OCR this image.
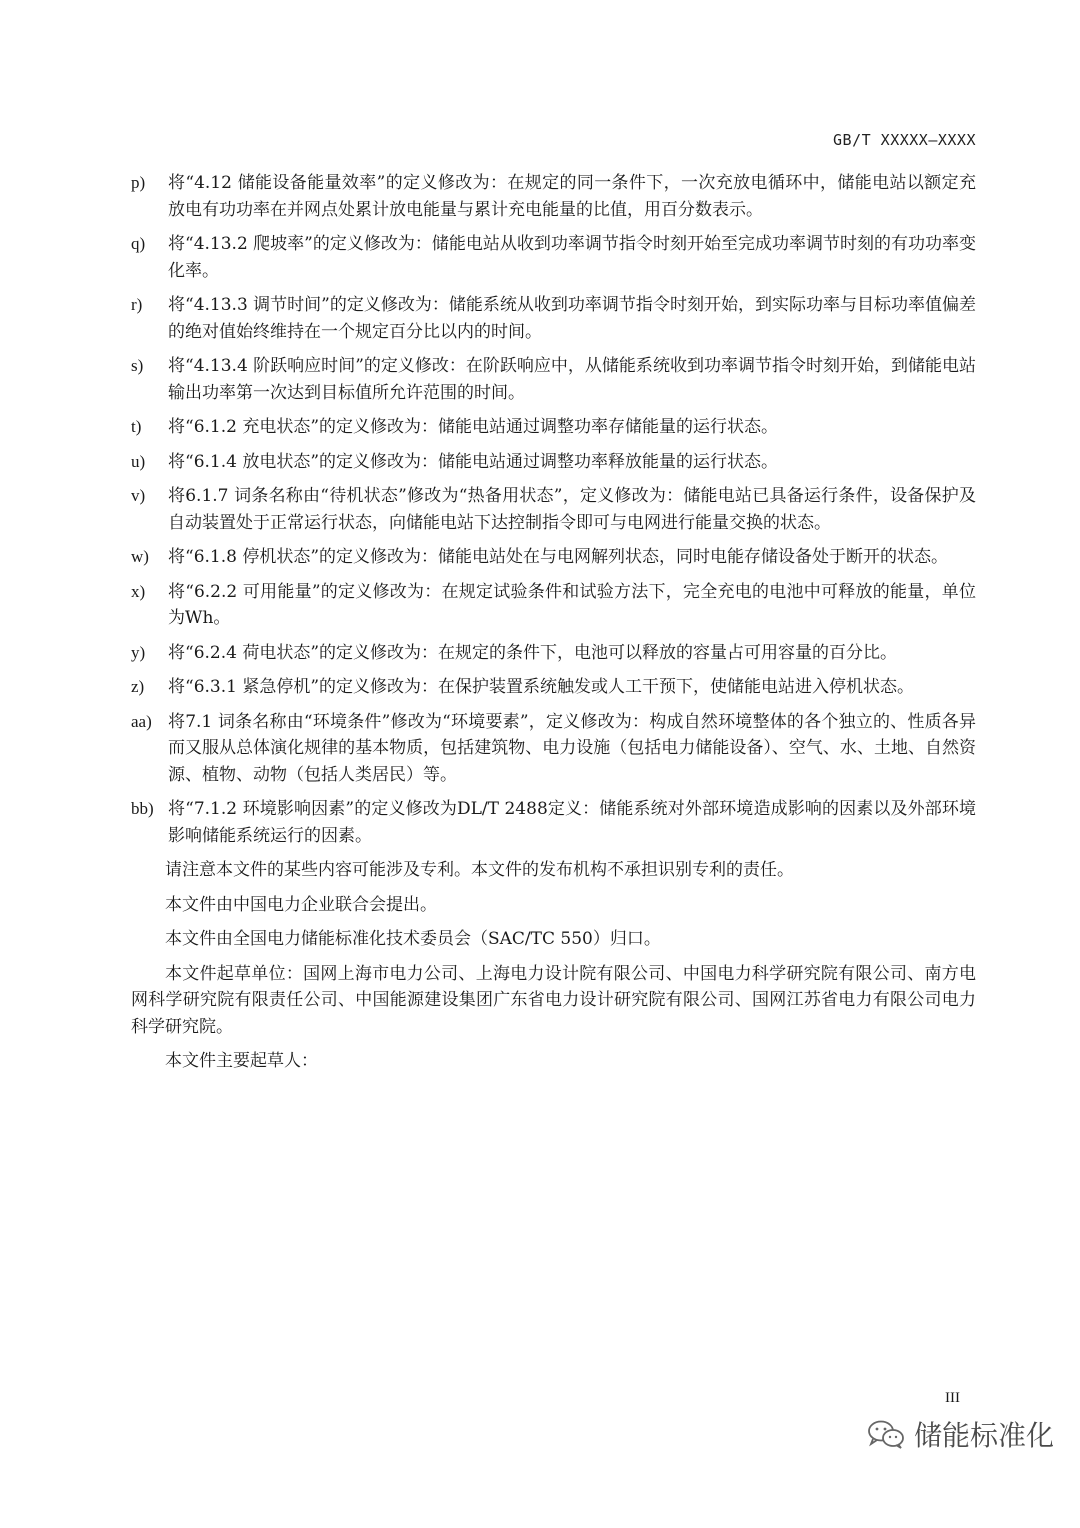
GB/T XXXXX—XXXX
p) 将“4.12 储能设备能量效率”的定义修改为：在规定的同一条件下，一次充放电循环中，储能电站以额定充放电有功功率在并网点处累计放电能量与累计充电能量的比值，用百分数表示。
q) 将“4.13.2 爬坡率”的定义修改为：储能电站从收到功率调节指令时刻开始至完成功率调节时刻的有功功率变化率。
r) 将“4.13.3 调节时间”的定义修改为：储能系统从收到功率调节指令时刻开始，到实际功率与目标功率值偏差的绝对值始终维持在一个规定百分比以内的时间。
s) 将“4.13.4 阶跃响应时间”的定义修改：在阶跃响应中，从储能系统收到功率调节指令时刻开始，到储能电站输出功率第一次达到目标值所允许范围的时间。
t) 将“6.1.2 充电状态”的定义修改为：储能电站通过调整功率存储能量的运行状态。
u) 将“6.1.4 放电状态”的定义修改为：储能电站通过调整功率释放能量的运行状态。
v) 将6.1.7 词条名称由“待机状态”修改为“热备用状态”，定义修改为：储能电站已具备运行条件，设备保护及自动装置处于正常运行状态，向储能电站下达控制指令即可与电网进行能量交换的状态。
w) 将“6.1.8 停机状态”的定义修改为：储能电站处在与电网解列状态，同时电能存储设备处于断开的状态。
x) 将“6.2.2 可用能量”的定义修改为：在规定试验条件和试验方法下，完全充电的电池中可释放的能量，单位为Wh。
y) 将“6.2.4 荷电状态”的定义修改为：在规定的条件下，电池可以释放的容量占可用容量的百分比。
z) 将“6.3.1 紧急停机”的定义修改为：在保护装置系统触发或人工干预下，使储能电站进入停机状态。
aa) 将7.1 词条名称由“环境条件”修改为“环境要素”，定义修改为：构成自然环境整体的各个独立的、性质各异而又服从总体演化规律的基本物质，包括建筑物、电力设施（包括电力储能设备）、空气、水、土地、自然资源、植物、动物（包括人类居民）等。
bb) 将“7.1.2 环境影响因素”的定义修改为DL/T 2488定义：储能系统对外部环境造成影响的因素以及外部环境影响储能系统运行的因素。
请注意本文件的某些内容可能涉及专利。本文件的发布机构不承担识别专利的责任。
本文件由中国电力企业联合会提出。
本文件由全国电力储能标准化技术委员会（SAC/TC 550）归口。
本文件起草单位：国网上海市电力公司、上海电力设计院有限公司、中国电力科学研究院有限公司、南方电网科学研究院有限责任公司、中国能源建设集团广东省电力设计研究院有限公司、国网江苏省电力有限公司电力科学研究院。
本文件主要起草人：
III
储能标准化
